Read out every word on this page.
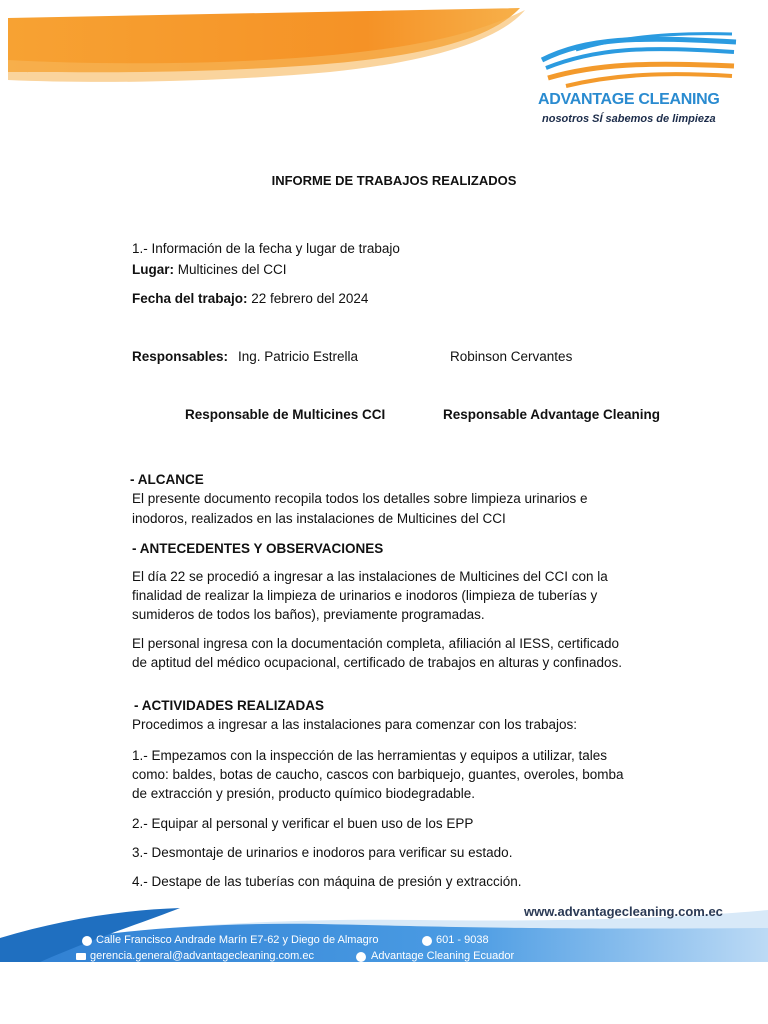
ADVANTAGE CLEANING
nosotros SÍ sabemos de limpieza
INFORME DE TRABAJOS REALIZADOS
1.- Información de la fecha y lugar de trabajo
Lugar: Multicines del CCI
Fecha del trabajo: 22 febrero del 2024
Responsables: Ing. Patricio Estrella	Robinson Cervantes
Responsable de Multicines CCI	Responsable Advantage Cleaning
- ALCANCE
El presente documento recopila todos los detalles sobre limpieza urinarios e
inodoros, realizados en las instalaciones de Multicines del CCI
- ANTECEDENTES Y OBSERVACIONES
El día 22 se procedió a ingresar a las instalaciones de Multicines del CCI con la
finalidad de realizar la limpieza de urinarios e inodoros (limpieza de tuberías y
sumideros de todos los baños), previamente programadas.
El personal ingresa con la documentación completa, afiliación al IESS, certificado
de aptitud del médico ocupacional, certificado de trabajos en alturas y confinados.
- ACTIVIDADES REALIZADAS
Procedimos a ingresar a las instalaciones para comenzar con los trabajos:
1.- Empezamos con la inspección de las herramientas y equipos a utilizar, tales
como: baldes, botas de caucho, cascos con barbiquejo, guantes, overoles, bomba
de extracción y presión, producto químico biodegradable.
2.- Equipar al personal y verificar el buen uso de los EPP
3.- Desmontaje de urinarios e inodoros para verificar su estado.
4.- Destape de las tuberías con máquina de presión y extracción.
www.advantagecleaning.com.ec
Calle Francisco Andrade Marín E7-62 y Diego de Almagro	601 - 9038
gerencia.general@advantagecleaning.com.ec	Advantage Cleaning Ecuador
